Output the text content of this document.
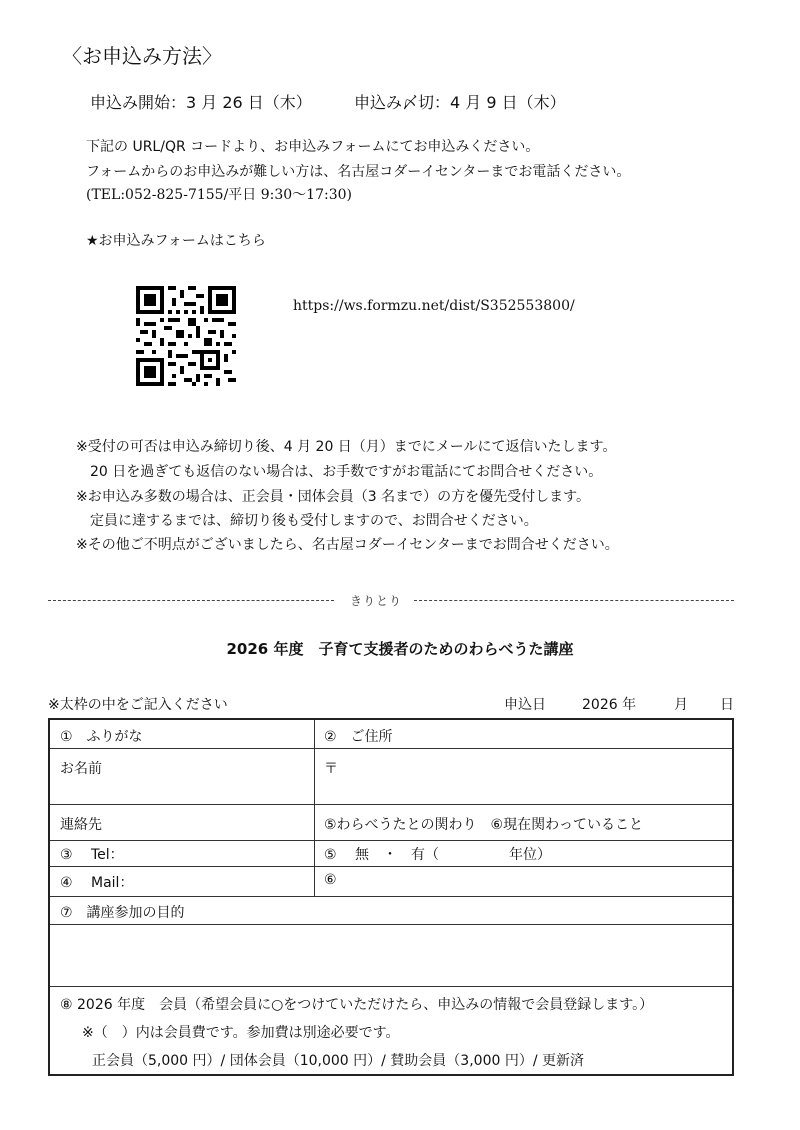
〈お申込み方法〉
申込み開始：3 月 26 日（木）	申込み〆切：4 月 9 日（木）
下記の URL/QR コードより、お申込みフォームにてお申込みください。
フォームからのお申込みが難しい方は、名古屋コダーイセンターまでお電話ください。
(TEL:052-825-7155/平日 9:30〜17:30)
★お申込みフォームはこちら
https://ws.formzu.net/dist/S352553800/
※受付の可否は申込み締切り後、4 月 20 日（月）までにメールにて返信いたします。
　20 日を過ぎても返信のない場合は、お手数ですがお電話にてお問合せください。
※お申込み多数の場合は、正会員・団体会員（3 名まで）の方を優先受付します。
　定員に達するまでは、締切り後も受付しますので、お問合せください。
※その他ご不明点がございましたら、名古屋コダーイセンターまでお問合せください。
きりとり
2026 年度　子育て支援者のためのわらべうた講座
※太枠の中をご記入ください	申込日	2026 年	月 日
①　ふりがな	②　ご住所
お名前	〒
連絡先	⑤わらべうたとの関わり　⑥現在関わっていること
③　 Tel：	⑤　 無　・　有（　　　　　年位）
④　 Mail：	⑥
⑦　講座参加の目的
⑧ 2026 年度　会員（希望会員に○をつけていただけたら、申込みの情報で会員登録します。）
※（　）内は会員費です。参加費は別途必要です。
正会員（5,000 円）/ 団体会員（10,000 円）/ 賛助会員（3,000 円）/ 更新済
